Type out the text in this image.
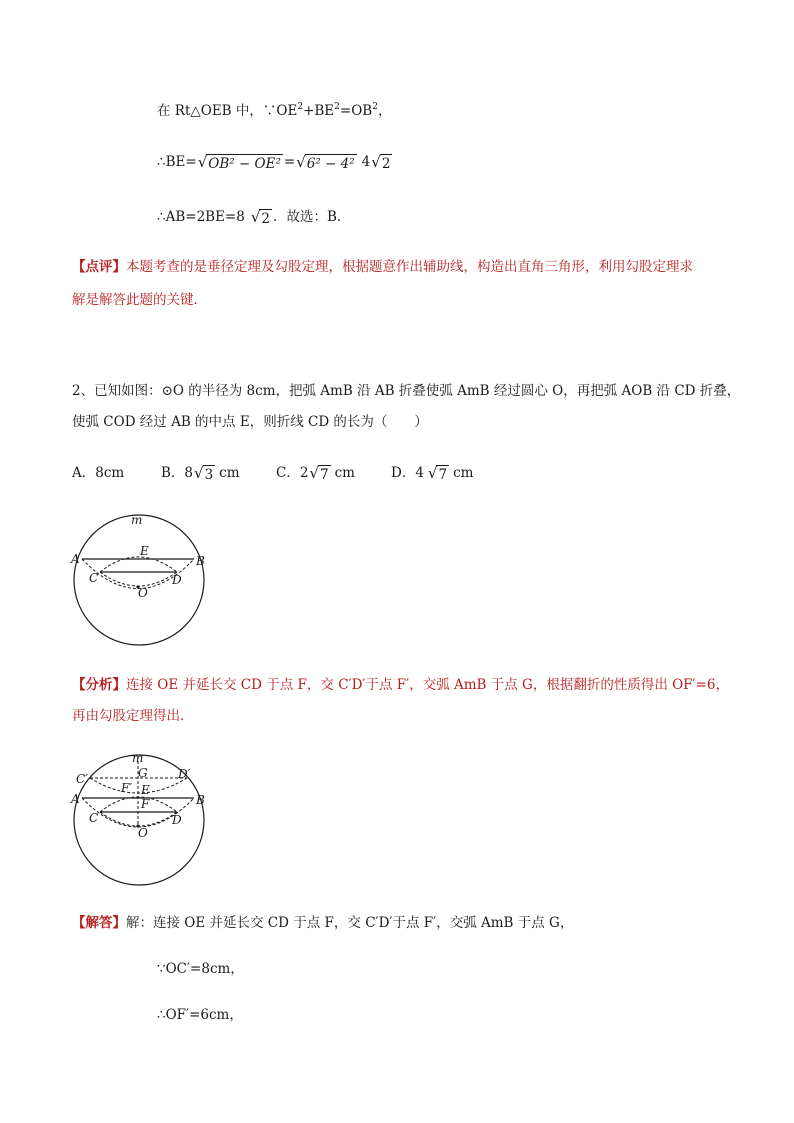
在 Rt△OEB 中，$\because OE^2+BE^2=OB^2$，
∴BE= √ OB² − OE² = √ 6² − 4² 4 √ 2
∴AB=2BE=8 √ 2 ．故选：B．
【点评】本题考查的是垂径定理及勾股定理，根据题意作出辅助线，构造出直角三角形，利用勾股定理求
解是解答此题的关键．
2、已知如图：⊙O 的半径为 8cm，把弧 AmB 沿 AB 折叠使弧 AmB 经过圆心 O，再把弧 AOB 沿 CD 折叠，
使弧 COD 经过 AB 的中点 E，则折线 CD 的长为（　　）
A．8cm	B．8 √ 3 cm	C．2 √ 7 cm	D．4 √ 7 cm
m
A	B
E
C	D
O
【分析】连接 OE 并延长交 CD 于点 F，交 C′D′于点 F′，交弧 AmB 于点 G，根据翻折的性质得出 OF′=6，
再由勾股定理得出．
m
G
C′	D′
F′ E
A	B
F
C	D
O
【解答】解：连接 OE 并延长交 CD 于点 F，交 C′D′于点 F′，交弧 AmB 于点 G，
∵OC′=8cm，
∴OF′=6cm，
